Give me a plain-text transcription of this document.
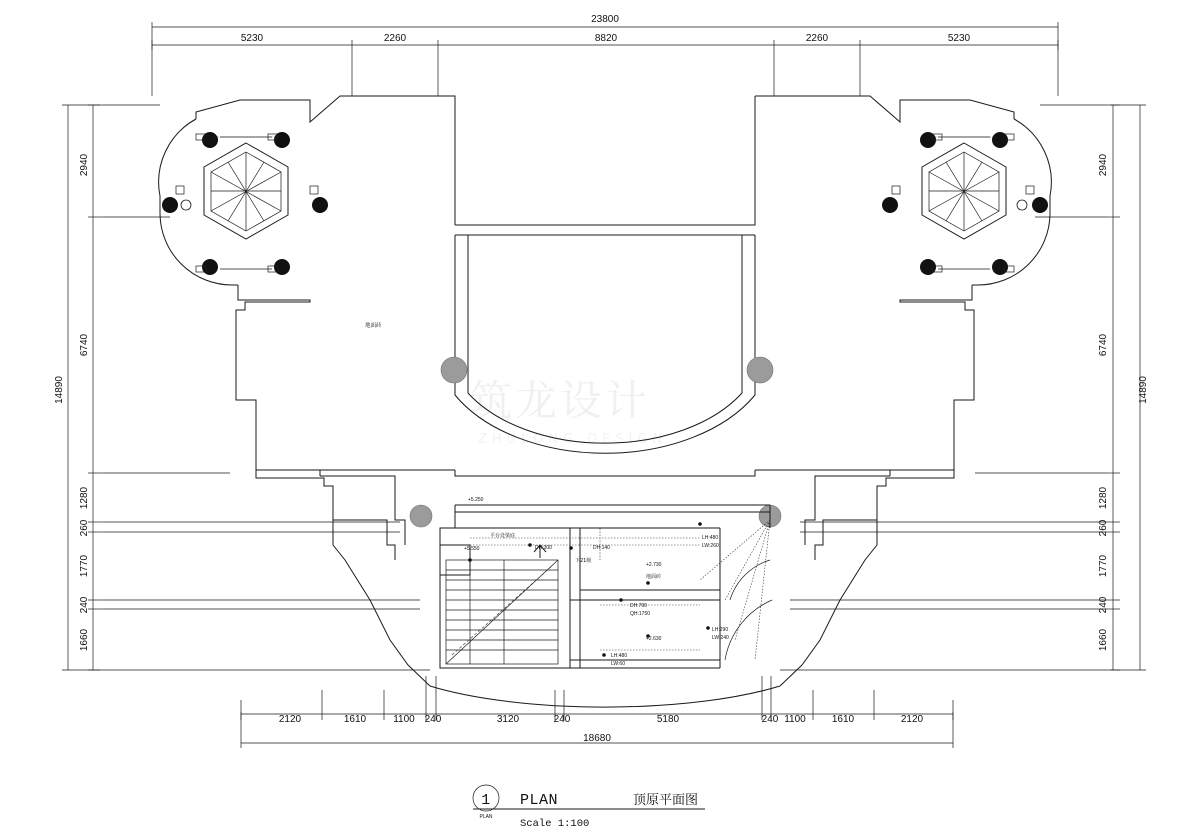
筑龙设计
ZHULONG DESIGN
23800
5230	2260	8820	2260	5230
14890
2940
6740
1280
260
1770
240
1660
14890
2940
6740
1280
260
1770
240
1660
18680
2120	1610	1100 240	3120	240	5180	240 1100	1610	2120
地面砖
+5.250
平台处梁底
+5.550	DH:300	DH:140
下21级
+2.730
地面砖
LH:480
LW:260
DH:700
QH:1750
LH:290
LW:240
+2.630
LH:480
LW:60
1
PLAN
PLAN	顶原平面图
Scale 1:100
